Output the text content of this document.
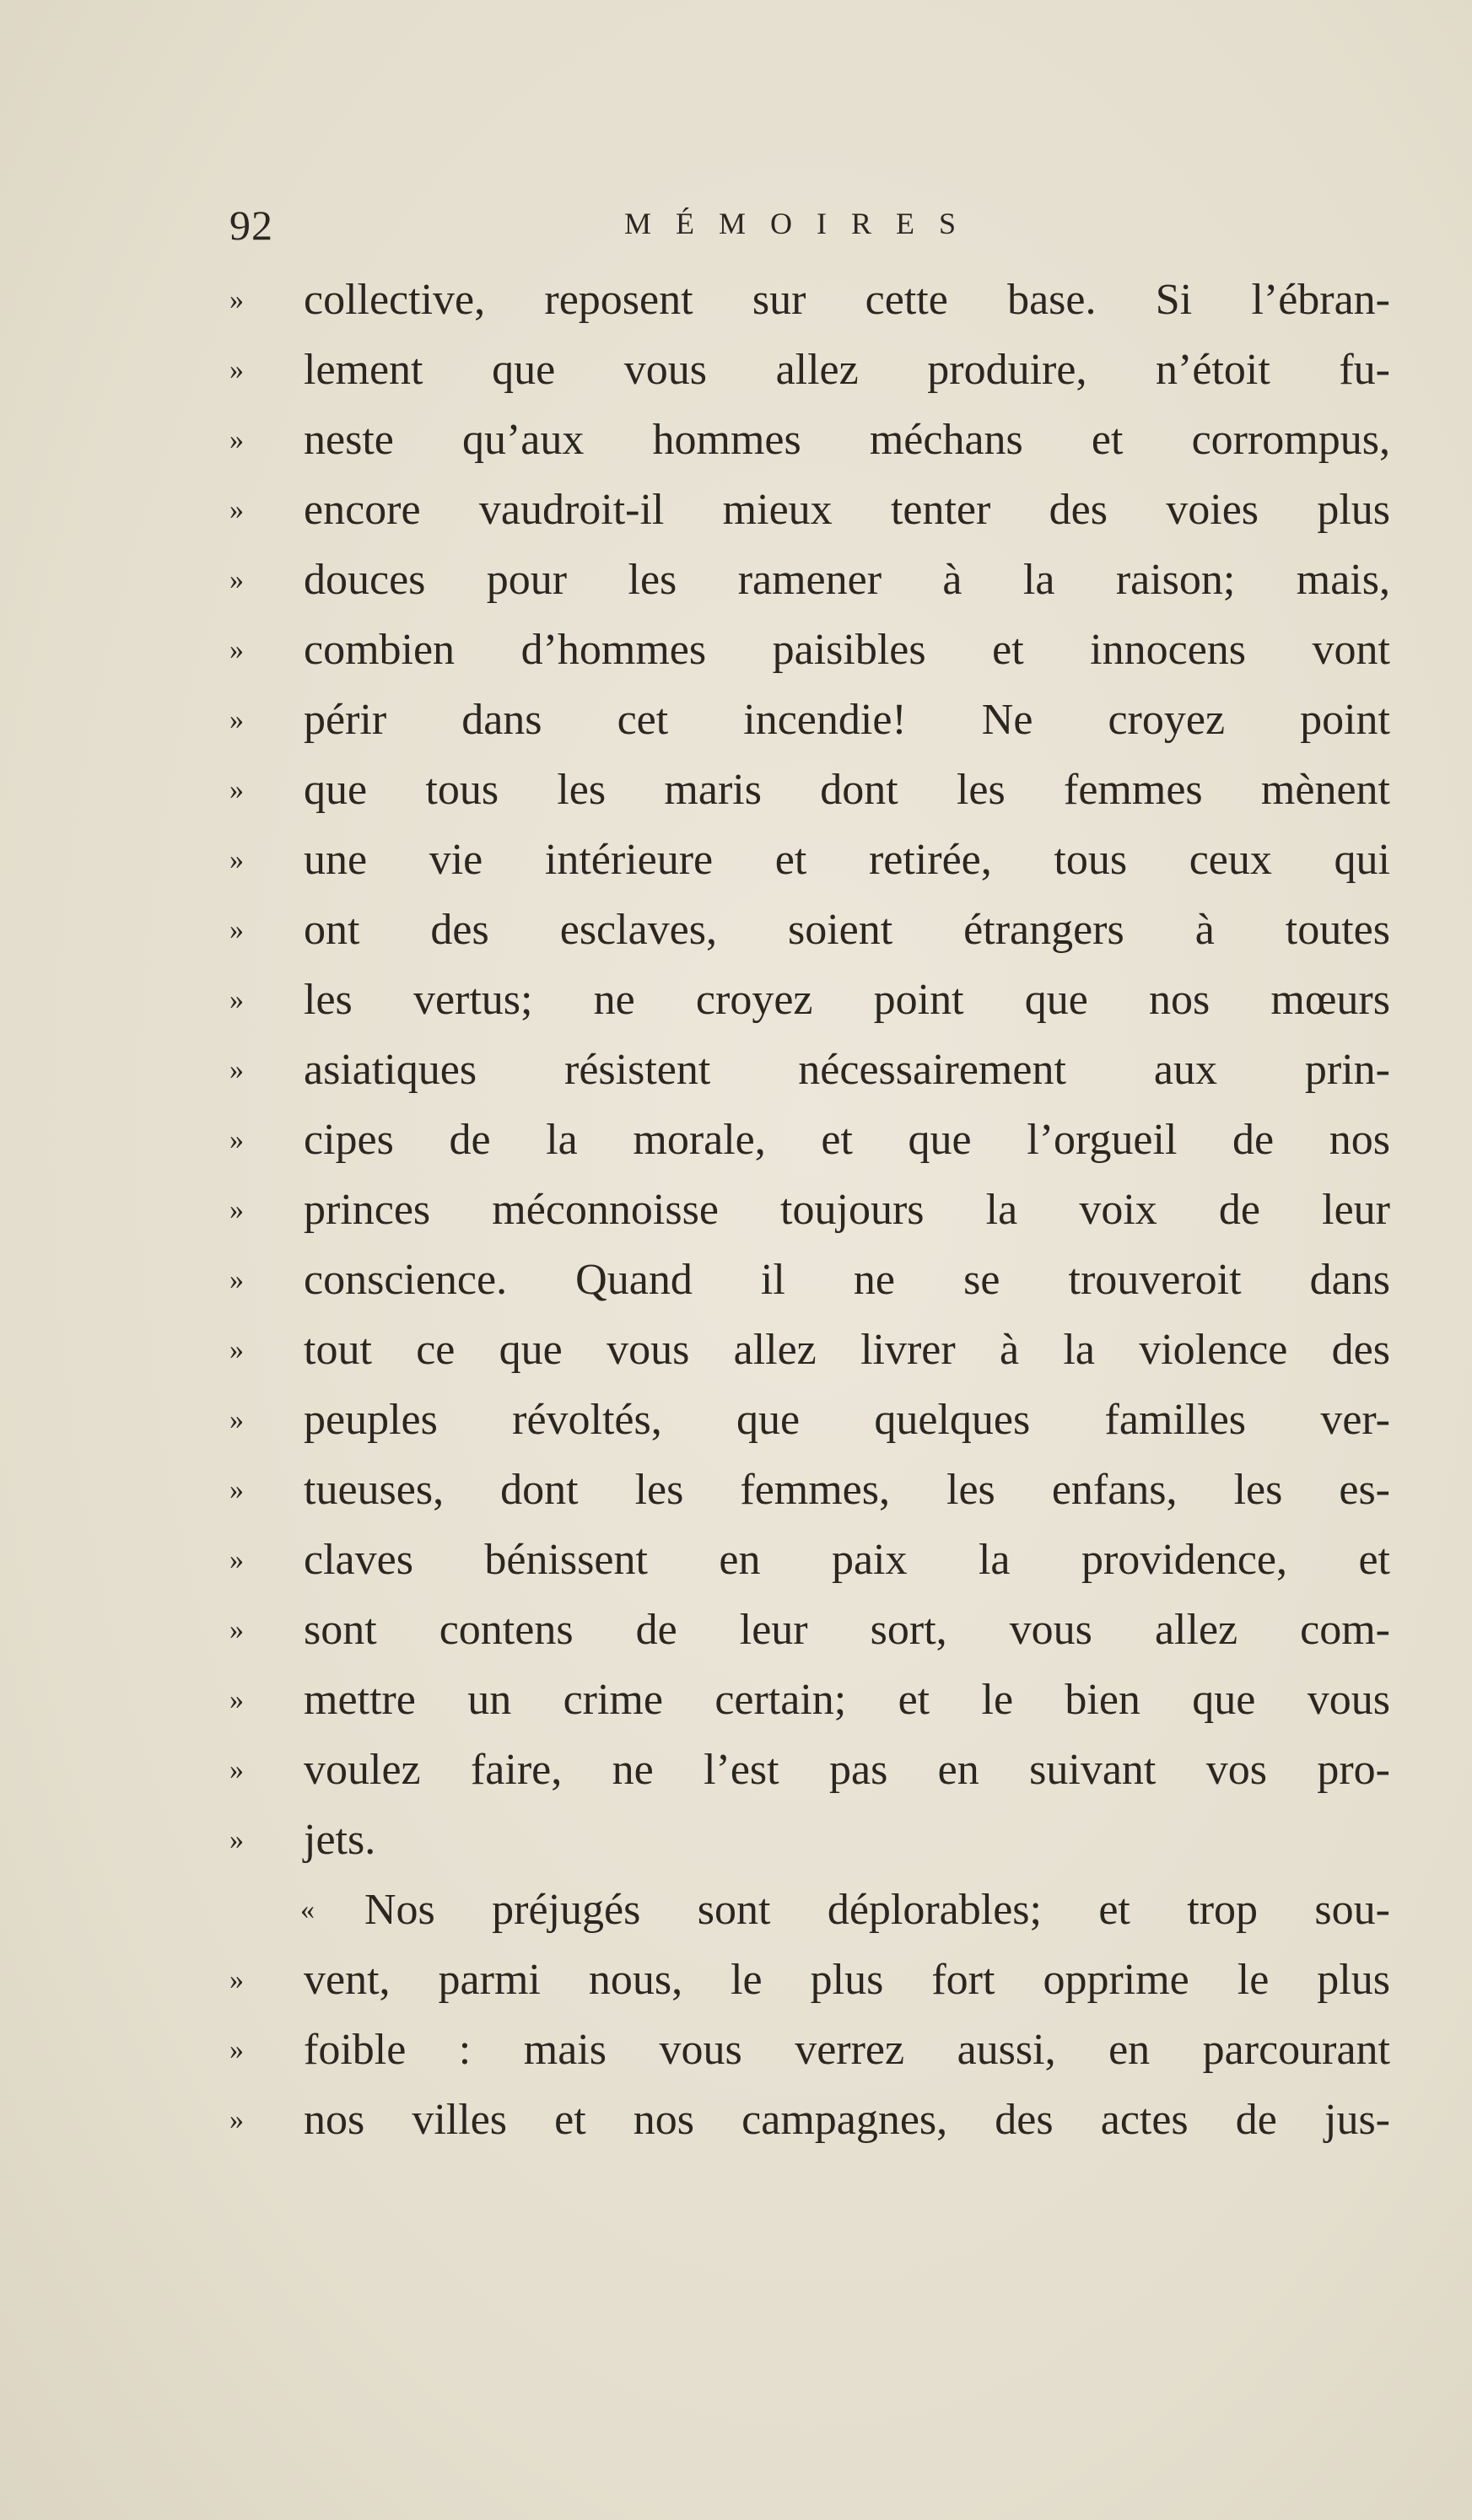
92	MÉMOIRES
»	collective, reposent sur cette base. Si l’ébran-
»	lement que vous allez produire, n’étoit fu-
»	neste qu’aux hommes méchans et corrompus,
»	encore vaudroit-il mieux tenter des voies plus
»	douces pour les ramener à la raison; mais,
»	combien d’hommes paisibles et innocens vont
»	périr dans cet incendie! Ne croyez point
»	que tous les maris dont les femmes mènent
»	une vie intérieure et retirée, tous ceux qui
»	ont des esclaves, soient étrangers à toutes
»	les vertus; ne croyez point que nos mœurs
»	asiatiques résistent nécessairement aux prin-
»	cipes de la morale, et que l’orgueil de nos
»	princes méconnoisse toujours la voix de leur
»	conscience. Quand il ne se trouveroit dans
»	tout ce que vous allez livrer à la violence des
»	peuples révoltés, que quelques familles ver-
»	tueuses, dont les femmes, les enfans, les es-
»	claves bénissent en paix la providence, et
»	sont contens de leur sort, vous allez com-
»	mettre un crime certain; et le bien que vous
»	voulez faire, ne l’est pas en suivant vos pro-
»	jets.
«	Nos préjugés sont déplorables; et trop sou-
»	vent, parmi nous, le plus fort opprime le plus
»	foible : mais vous verrez aussi, en parcourant
»	nos villes et nos campagnes, des actes de jus-
